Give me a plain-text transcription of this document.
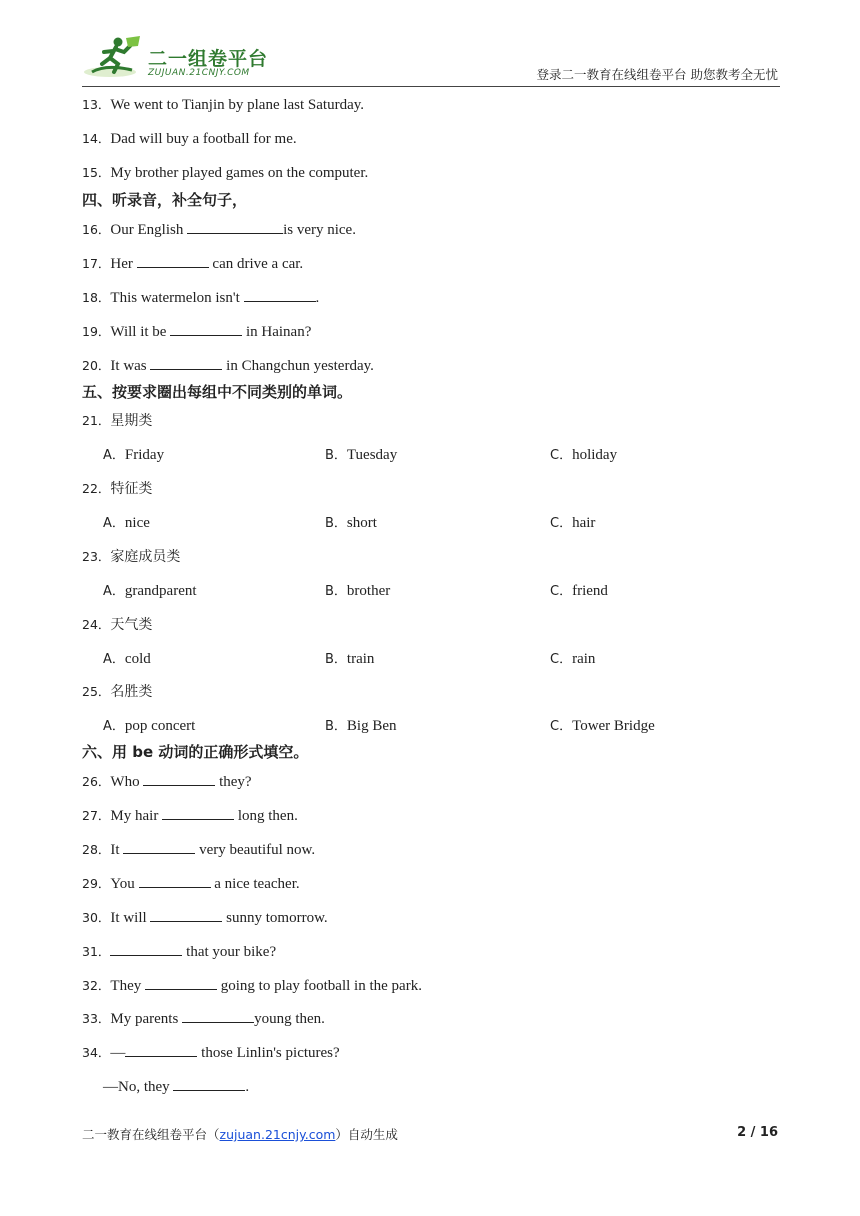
二一组卷平台
ZUJUAN.21CNJY.COM	登录二一教育在线组卷平台 助您教考全无忧
13．We went to Tianjin by plane last Saturday.
14．Dad will buy a football for me.
15．My brother played games on the computer.
四、听录音，补全句子，
16．Our English	is very nice.
17．Her	can drive a car.
18．This watermelon isn't	.
19．Will it be	in Hainan?
20．It was	in Changchun yesterday.
五、按要求圈出每组中不同类别的单词。
21．星期类
A．Friday	B．Tuesday	C．holiday
22．特征类
A．nice	B．short	C．hair
23．家庭成员类
A．grandparent	B．brother	C．friend
24．天气类
A．cold	B．train	C．rain
25．名胜类
A．pop concert	B．Big Ben	C．Tower Bridge
六、用 be 动词的正确形式填空。
26．Who	they?
27．My hair	long then.
28．It	very beautiful now.
29．You	a nice teacher.
30．It will	sunny tomorrow.
31．	that your bike?
32．They	going to play football in the park.
33．My parents	young then.
34．—	those Linlin's pictures?
—No, they	.
二一教育在线组卷平台（zujuan.21cnjy.com）自动生成	2 / 16
